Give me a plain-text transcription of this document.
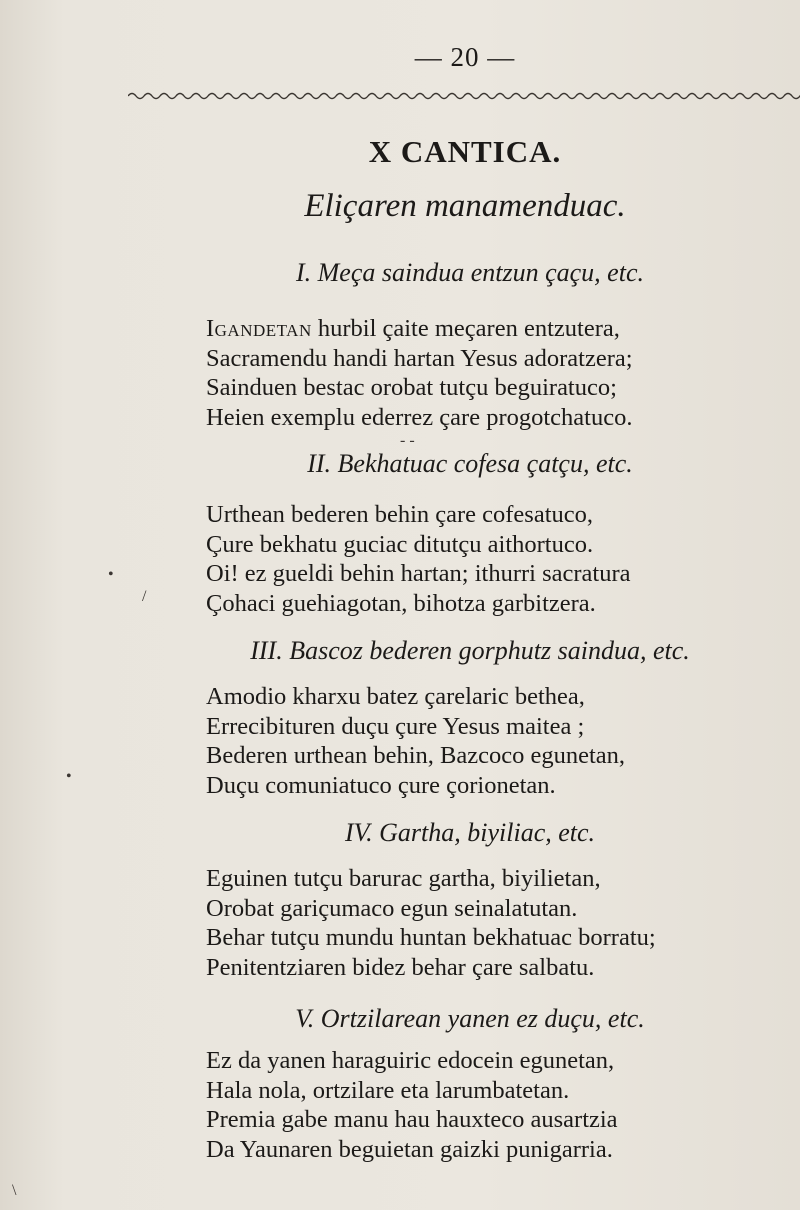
— 20 —
X CANTICA.
Eliçaren manamenduac.
I. Meça saindua entzun çaçu, etc.
Igandetan hurbil çaite meçaren entzutera,
Sacramendu handi hartan Yesus adoratzera;
Sainduen bestac orobat tutçu beguiratuco;
Heien exemplu ederrez çare progotchatuco.
II. Bekhatuac cofesa çatçu, etc.
Urthean bederen behin çare cofesatuco,
Çure bekhatu guciac ditutçu aithortuco.
Oi! ez gueldi behin hartan; ithurri sacratura
Çohaci guehiagotan, bihotza garbitzera.
III. Bascoz bederen gorphutz saindua, etc.
Amodio kharxu batez çarelaric bethea,
Errecibituren duçu çure Yesus maitea ;
Bederen urthean behin, Bazcoco egunetan,
Duçu comuniatuco çure çorionetan.
IV. Gartha, biyiliac, etc.
Eguinen tutçu barurac gartha, biyilietan,
Orobat gariçumaco egun seinalatutan.
Behar tutçu mundu huntan bekhatuac borratu;
Penitentziaren bidez behar çare salbatu.
V. Ortzilarean yanen ez duçu, etc.
Ez da yanen haraguiric edocein egunetan,
Hala nola, ortzilare eta larumbatetan.
Premia gabe manu hau hauxteco ausartzia
Da Yaunaren beguietan gaizki punigarria.
- -
•
/
•
\
